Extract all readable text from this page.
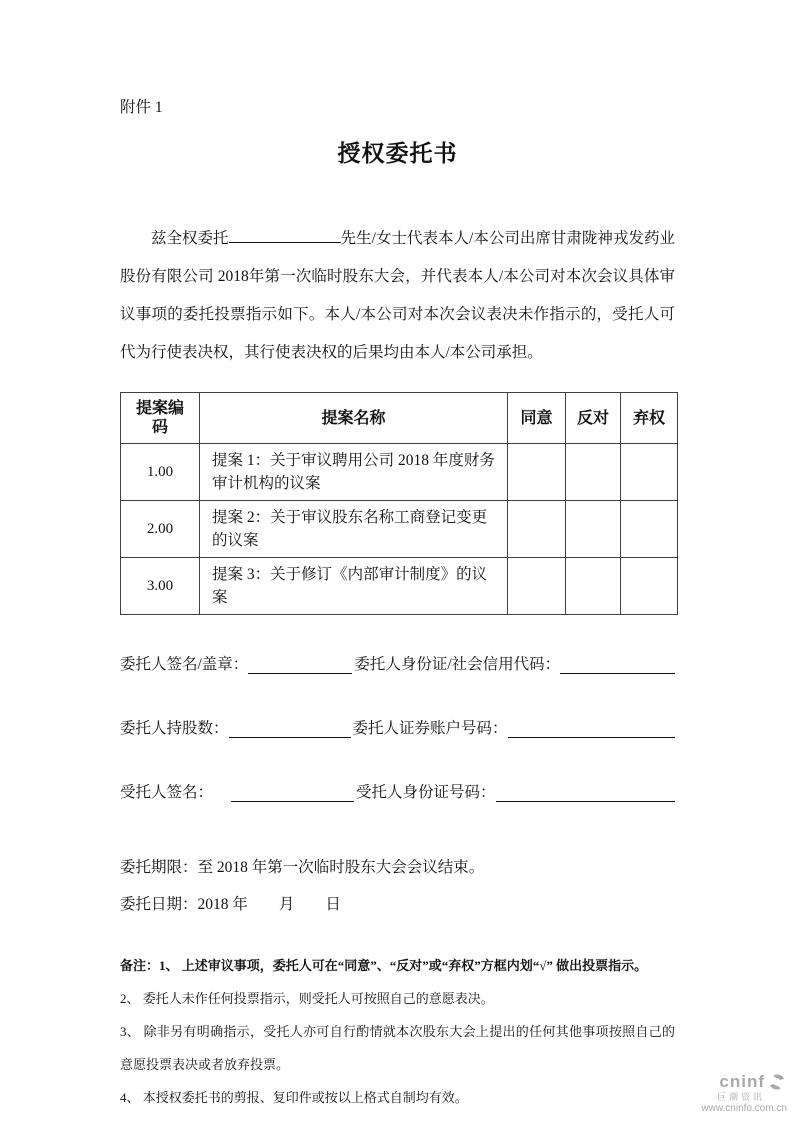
附件 1

授权委托书

兹全权委托	先生/女士代表本人/本公司出席甘肃陇神戎发药业股份有限公司 2018年第一次临时股东大会，并代表本人/本公司对本次会议具体审议事项的委托投票指示如下。本人/本公司对本次会议表决未作指示的，受托人可代为行使表决权，其行使表决权的后果均由本人/本公司承担。

提案编码	提案名称	同意	反对	弃权
1.00	提案 1：关于审议聘用公司 2018 年度财务审计机构的议案			
2.00	提案 2：关于审议股东名称工商登记变更的议案			
3.00	提案 3：关于修订《内部审计制度》的议案			
委托人签名/盖章：	委托人身份证/社会信用代码：
委托人持股数：	委托人证券账户号码：
受托人签名：	受托人身份证号码：
委托期限：至 2018 年第一次临时股东大会会议结束。
委托日期：2018 年　　月　　日
备注：1、 上述审议事项，委托人可在“同意”、“反对”或“弃权”方框内划“√” 做出投票指示。
2、 委托人未作任何投票指示，则受托人可按照自己的意愿表决。
3、 除非另有明确指示，受托人亦可自行酌情就本次股东大会上提出的任何其他事项按照自己的意愿投票表决或者放弃投票。
4、 本授权委托书的剪报、复印件或按以上格式自制均有效。
cninf
巨潮资讯
www.cninfo.com.cn
